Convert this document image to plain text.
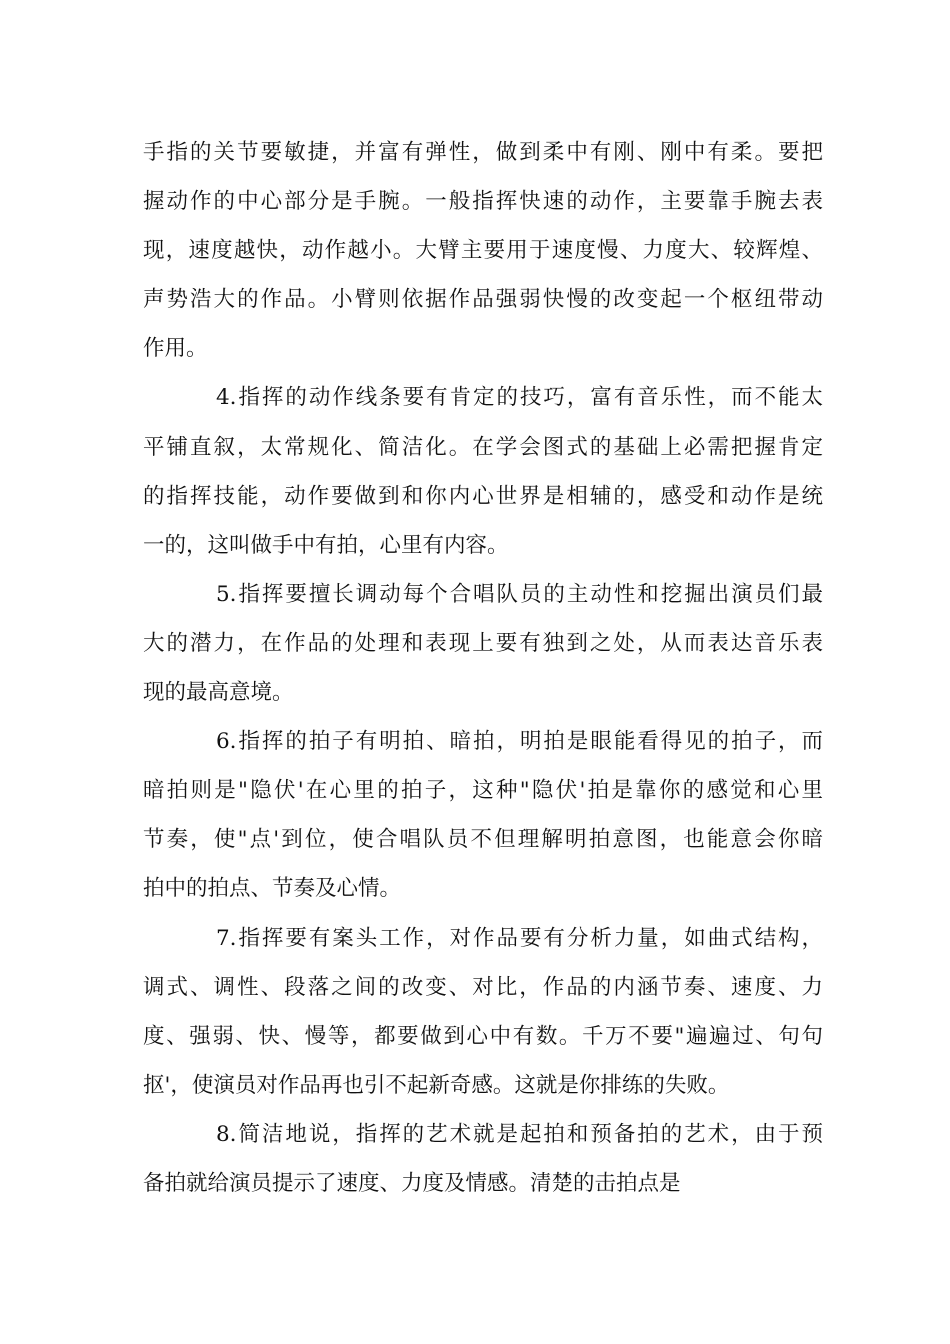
手指的关节要敏捷，并富有弹性，做到柔中有刚、刚中有柔。要把
握动作的中心部分是手腕。一般指挥快速的动作，主要靠手腕去表
现，速度越快，动作越小。大臂主要用于速度慢、力度大、较辉煌、
声势浩大的作品。小臂则依据作品强弱快慢的改变起一个枢纽带动
作用。
4.指挥的动作线条要有肯定的技巧，富有音乐性，而不能太
平铺直叙，太常规化、简洁化。在学会图式的基础上必需把握肯定
的指挥技能，动作要做到和你内心世界是相辅的，感受和动作是统
一的，这叫做手中有拍，心里有内容。
5.指挥要擅长调动每个合唱队员的主动性和挖掘出演员们最
大的潜力，在作品的处理和表现上要有独到之处，从而表达音乐表
现的最高意境。
6.指挥的拍子有明拍、暗拍，明拍是眼能看得见的拍子，而
暗拍则是"隐伏'在心里的拍子，这种"隐伏'拍是靠你的感觉和心里
节奏，使"点'到位，使合唱队员不但理解明拍意图，也能意会你暗
拍中的拍点、节奏及心情。
7.指挥要有案头工作，对作品要有分析力量，如曲式结构，
调式、调性、段落之间的改变、对比，作品的内涵节奏、速度、力
度、强弱、快、慢等，都要做到心中有数。千万不要"遍遍过、句句
抠'，使演员对作品再也引不起新奇感。这就是你排练的失败。
8.简洁地说，指挥的艺术就是起拍和预备拍的艺术，由于预
备拍就给演员提示了速度、力度及情感。清楚的击拍点是
